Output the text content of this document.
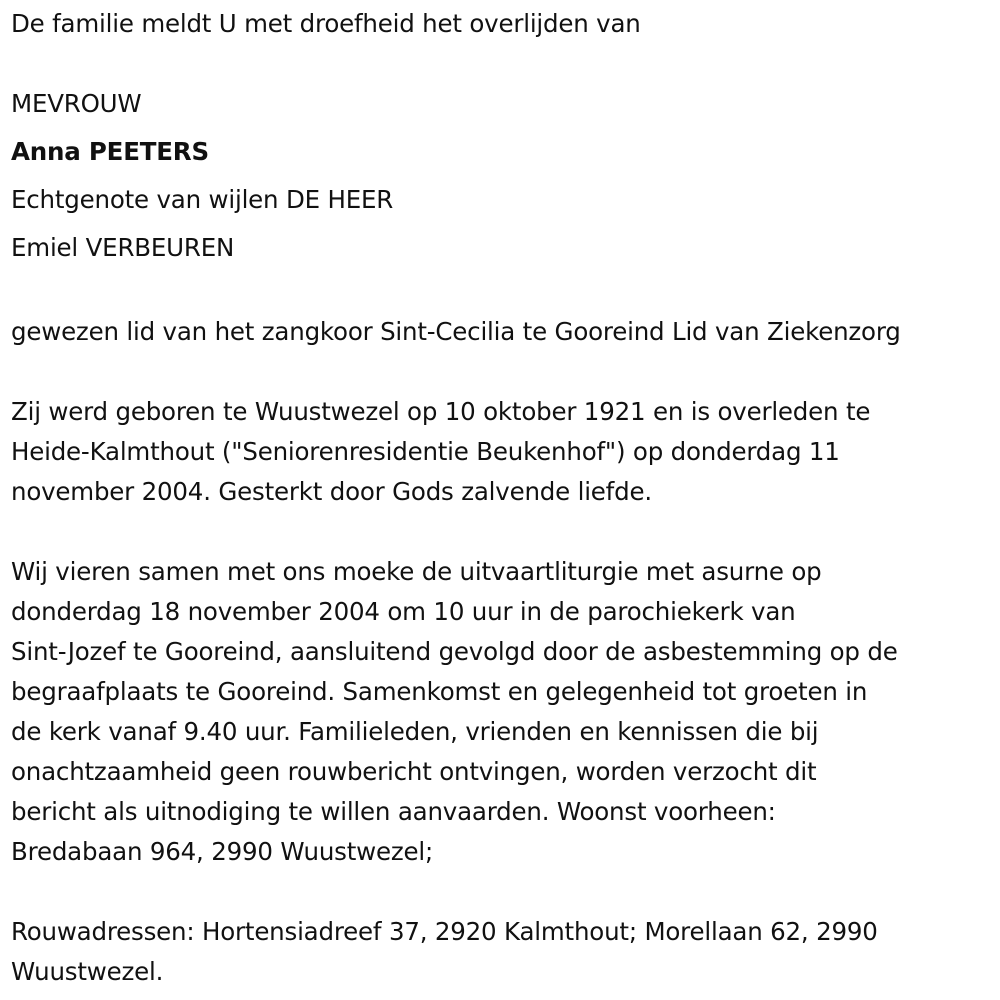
De familie meldt U met droefheid het overlijden van
MEVROUW
Anna PEETERS
Echtgenote van wijlen DE HEER
Emiel VERBEUREN
gewezen lid van het zangkoor Sint-Cecilia te Gooreind Lid van Ziekenzorg
Zij werd geboren te Wuustwezel op 10 oktober 1921 en is overleden te
Heide-Kalmthout ("Seniorenresidentie Beukenhof") op donderdag 11
november 2004. Gesterkt door Gods zalvende liefde.
Wij vieren samen met ons moeke de uitvaartliturgie met asurne op
donderdag 18 november 2004 om 10 uur in de parochiekerk van
Sint-Jozef te Gooreind, aansluitend gevolgd door de asbestemming op de
begraafplaats te Gooreind. Samenkomst en gelegenheid tot groeten in
de kerk vanaf 9.40 uur. Familieleden, vrienden en kennissen die bij
onachtzaamheid geen rouwbericht ontvingen, worden verzocht dit
bericht als uitnodiging te willen aanvaarden. Woonst voorheen:
Bredabaan 964, 2990 Wuustwezel;
Rouwadressen: Hortensiadreef 37, 2920 Kalmthout; Morellaan 62, 2990
Wuustwezel.
